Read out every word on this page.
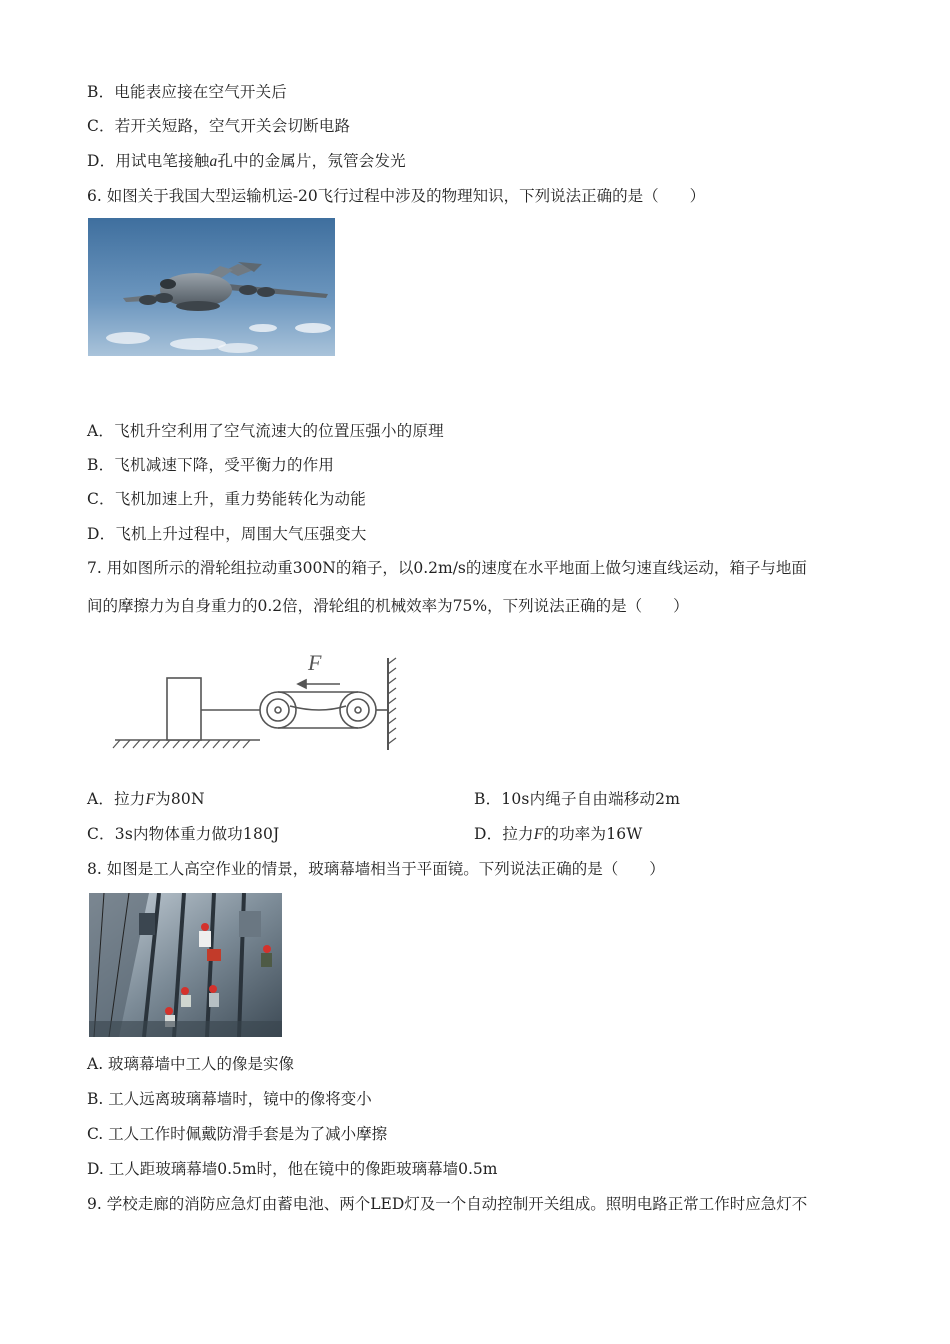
B．电能表应接在空气开关后
C．若开关短路，空气开关会切断电路
D．用试电笔接触a孔中的金属片，氖管会发光
6. 如图关于我国大型运输机运-20飞行过程中涉及的物理知识，下列说法正确的是（　　）
A．飞机升空利用了空气流速大的位置压强小的原理
B．飞机减速下降，受平衡力的作用
C．飞机加速上升，重力势能转化为动能
D．飞机上升过程中，周围大气压强变大
7. 用如图所示的滑轮组拉动重300N的箱子，以0.2m/s的速度在水平地面上做匀速直线运动，箱子与地面
间的摩擦力为自身重力的0.2倍，滑轮组的机械效率为75%，下列说法正确的是（　　）
F
A．拉力F为80N	B．10s内绳子自由端移动2m
C．3s内物体重力做功180J	D．拉力F的功率为16W
8. 如图是工人高空作业的情景，玻璃幕墙相当于平面镜。下列说法正确的是（　　）
A. 玻璃幕墙中工人的像是实像
B. 工人远离玻璃幕墙时，镜中的像将变小
C. 工人工作时佩戴防滑手套是为了减小摩擦
D. 工人距玻璃幕墙0.5m时，他在镜中的像距玻璃幕墙0.5m
9. 学校走廊的消防应急灯由蓄电池、两个LED灯及一个自动控制开关组成。照明电路正常工作时应急灯不
